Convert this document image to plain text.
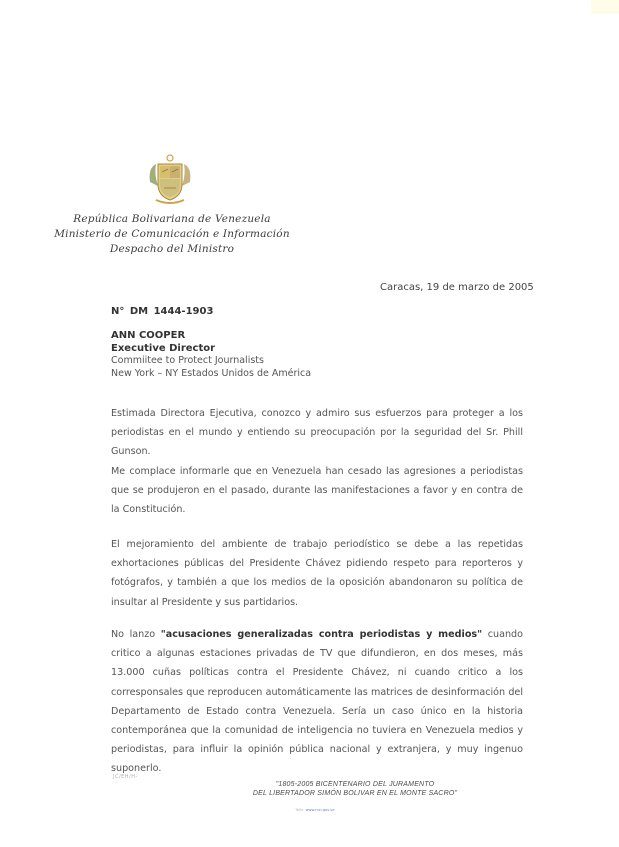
República Bolivariana de Venezuela
Ministerio de Comunicación e Información
Despacho del Ministro
Caracas, 19 de marzo de 2005
N° DM 1444-1903
ANN COOPER
Executive Director
Commiitee to Protect Journalists
New York – NY Estados Unidos de América
Estimada Directora Ejecutiva, conozco y admiro sus esfuerzos para proteger a los periodistas en el mundo y entiendo su preocupación por la seguridad del Sr. Phill Gunson.
Me complace informarle que en Venezuela han cesado las agresiones a periodistas que se produjeron en el pasado, durante las manifestaciones a favor y en contra de la Constitución.
El mejoramiento del ambiente de trabajo periodístico se debe a las repetidas exhortaciones públicas del Presidente Chávez pidiendo respeto para reporteros y fotógrafos, y también a que los medios de la oposición abandonaron su política de insultar al Presidente y sus partidarios.
No lanzo "acusaciones generalizadas contra periodistas y medios" cuando critico a algunas estaciones privadas de TV que difundieron, en dos meses, más 13.000 cuñas políticas contra el Presidente Chávez, ni cuando critico a los corresponsales que reproducen automáticamente las matrices de desinformación del Departamento de Estado contra Venezuela. Sería un caso único en la historia contemporánea que la comunidad de inteligencia no tuviera en Venezuela medios y periodistas, para influir la opinión pública nacional y extranjera, y muy ingenuo suponerlo.
JC/EH/H-
"1805-2005 BICENTENARIO DEL JURAMENTO
DEL LIBERTADOR SIMÓN BOLIVAR EN EL MONTE SACRO"
Telfs. www.mci.gov.ve
